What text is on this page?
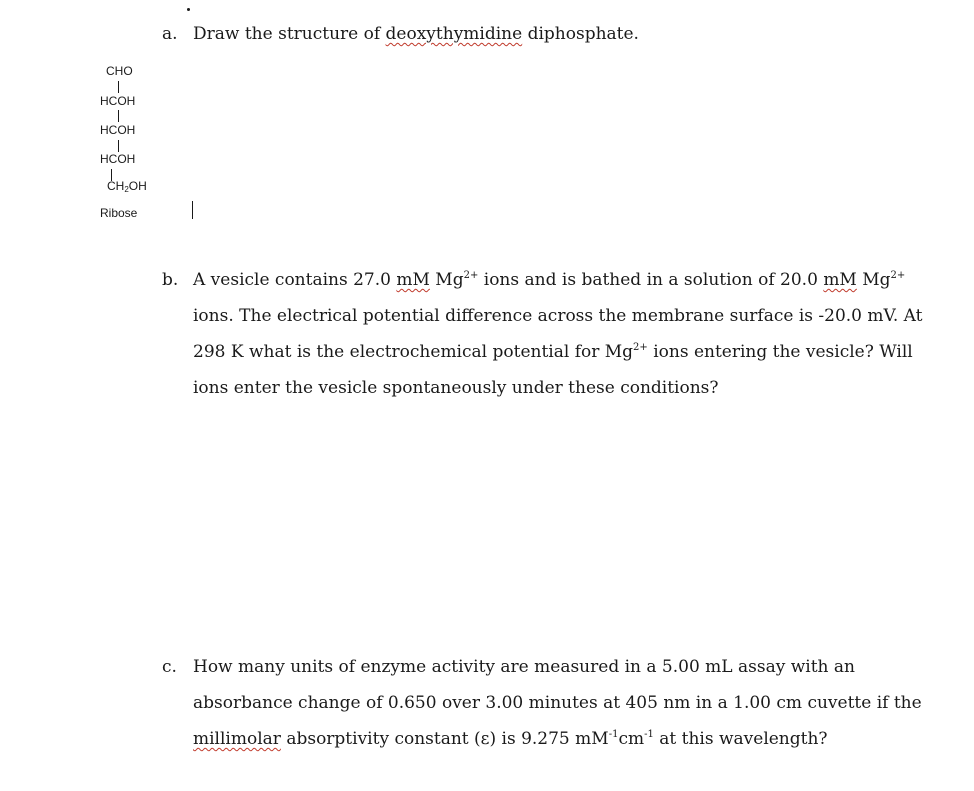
a. Draw the structure of deoxythymidine diphosphate.
CHO
HCOH
HCOH
HCOH
$CH_2OH$
Ribose
b. A vesicle contains 27.0 mM $Mg^{2+}$ ions and is bathed in a solution of 20.0 mM $Mg^{2+}$
ions. The electrical potential difference across the membrane surface is -20.0 mV. At
298 K what is the electrochemical potential for $Mg^{2+}$ ions entering the vesicle? Will
ions enter the vesicle spontaneously under these conditions?
c. How many units of enzyme activity are measured in a 5.00 mL assay with an
absorbance change of 0.650 over 3.00 minutes at 405 nm in a 1.00 cm cuvette if the
millimolar absorptivity constant (ε) is 9.275 $mM^{-1}cm^{-1}$ at this wavelength?
